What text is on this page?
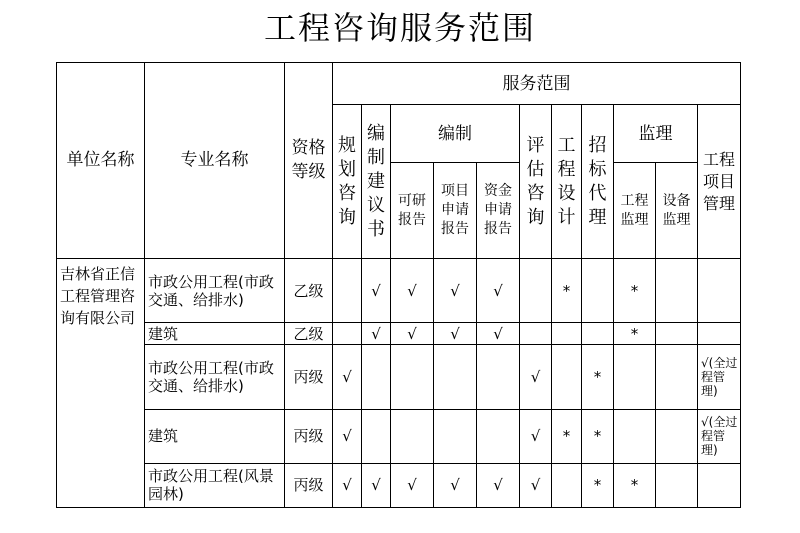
工程咨询服务范围
单位名称	专业名称	资格等级	服务范围										
			规划咨询	编制建议书	编制			评估咨询	工程设计	招标代理	监理		工程项目管理
					可研报告	项目申请报告	资金申请报告				工程监理	设备监理	
吉林省正信工程管理咨询有限公司	市政公用工程(市政交通、给排水)	乙级		√	√	√	√		*		*		
	建筑	乙级		√	√	√	√				*		
	市政公用工程(市政交通、给排水)	丙级	√					√		*			√(全过程管理)
	建筑	丙级	√					√	*	*			√(全过程管理)
	市政公用工程(风景园林)	丙级	√	√	√	√	√	√		*	*		
